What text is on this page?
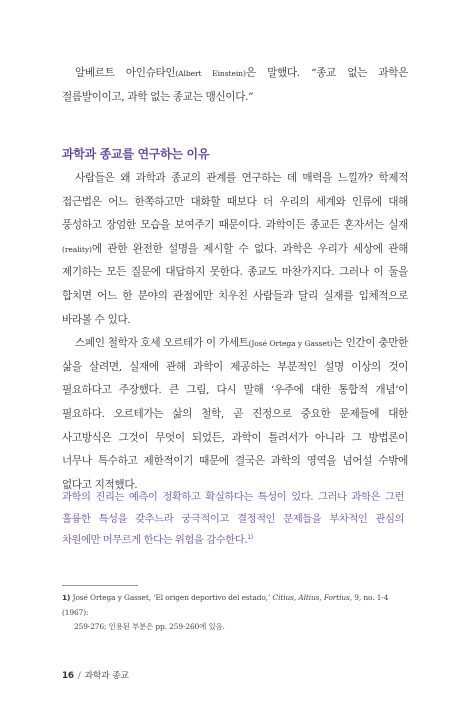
알베르트 아인슈타인(Albert Einstein)은 말했다. “종교 없는 과학은 절름발이이고, 과학 없는 종교는 맹신이다.”

과학과 종교를 연구하는 이유

사람들은 왜 과학과 종교의 관계를 연구하는 데 매력을 느낄까? 학제적 접근법은 어느 한쪽하고만 대화할 때보다 더 우리의 세계와 인류에 대해 풍성하고 장엄한 모습을 보여주기 때문이다. 과학이든 종교든 혼자서는 실재(reality)에 관한 완전한 설명을 제시할 수 없다. 과학은 우리가 세상에 관해 제기하는 모든 질문에 대답하지 못한다. 종교도 마찬가지다. 그러나 이 둘을 합치면 어느 한 분야의 관점에만 치우친 사람들과 달리 실재를 입체적으로 바라볼 수 있다.

스페인 철학자 호세 오르테가 이 가세트(José Ortega y Gasset)는 인간이 충만한 삶을 살려면, 실재에 관해 과학이 제공하는 부분적인 설명 이상의 것이 필요하다고 주장했다. 큰 그림, 다시 말해 ‘우주에 대한 통합적 개념’이 필요하다. 오르테가는 삶의 철학, 곧 진정으로 중요한 문제들에 대한 사고방식은 그것이 무엇이 되었든, 과학이 틀려서가 아니라 그 방법론이 너무나 특수하고 제한적이기 때문에 결국은 과학의 영역을 넘어설 수밖에 없다고 지적했다.

과학의 진리는 예측이 정확하고 확실하다는 특성이 있다. 그러나 과학은 그런 훌륭한 특성을 갖추느라 궁극적이고 결정적인 문제들을 부차적인 관심의 차원에만 머무르게 한다는 위험을 감수한다.$^{1)}$
1) José Ortega y Gasset, ‘El origen deportivo del estado,’ Citius, Altius, Fortius, 9, no. 1-4 (1967):
259-276; 인용된 부분은 pp. 259-260에 있음.
16 / 과학과 종교
